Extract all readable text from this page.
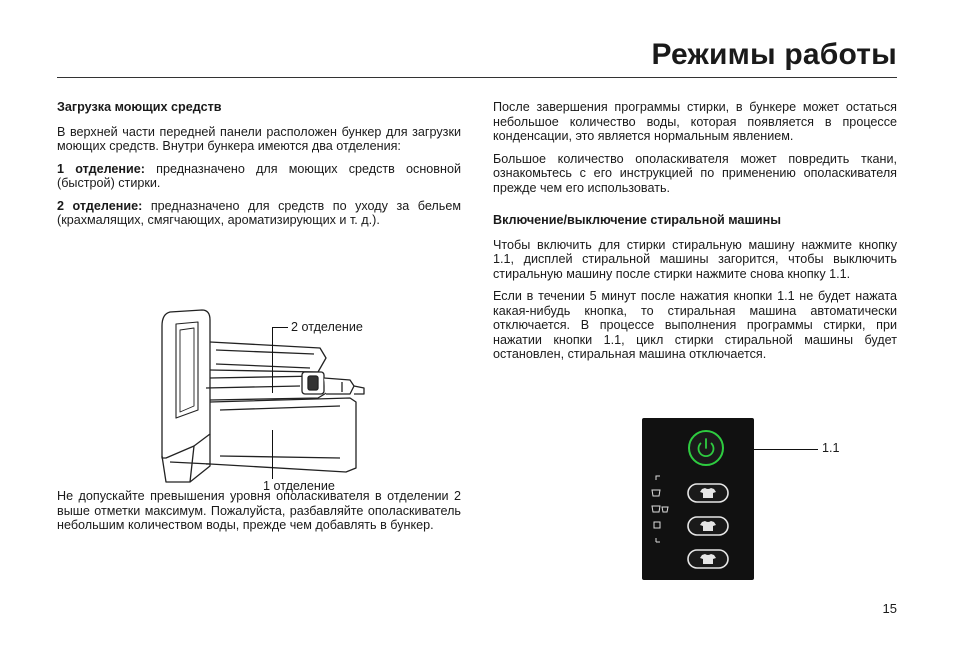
Режимы работы
Загрузка моющих средств

В верхней части передней панели расположен бункер для загрузки моющих средств. Внутри бункера имеются два отделения:

1 отделение: предназначено для моющих средств основной (быстрой) стирки.

2 отделение: предназначено для средств по уходу за бельем (крахмалящих, смягчающих, ароматизирующих и т. д.).

2 отделение
1 отделение

Не допускайте превышения уровня ополаскивателя в отделении 2 выше отметки максимум. Пожалуйста, разбавляйте ополаскиватель небольшим количеством воды, прежде чем добавлять в бункер.

После завершения программы стирки, в бункере может остаться небольшое количество воды, которая появляется в процессе конденсации, это является нормальным явлением.

Большое количество ополаскивателя может повредить ткани, ознакомьтесь с его инструкцией по применению ополаскивателя прежде чем его использовать.

Включение/выключение стиральной машины

Чтобы включить для стирки стиральную машину нажмите кнопку 1.1, дисплей стиральной машины загорится, чтобы выключить стиральную машину после стирки нажмите снова кнопку 1.1.

Если в течении 5 минут после нажатия кнопки 1.1 не будет нажата какая-нибудь кнопка, то стиральная машина автоматически отключается. В процессе выполнения программы стирки, при нажатии кнопки 1.1, цикл стирки стиральной машины будет остановлен, стиральная машина отключается.

1.1
15
